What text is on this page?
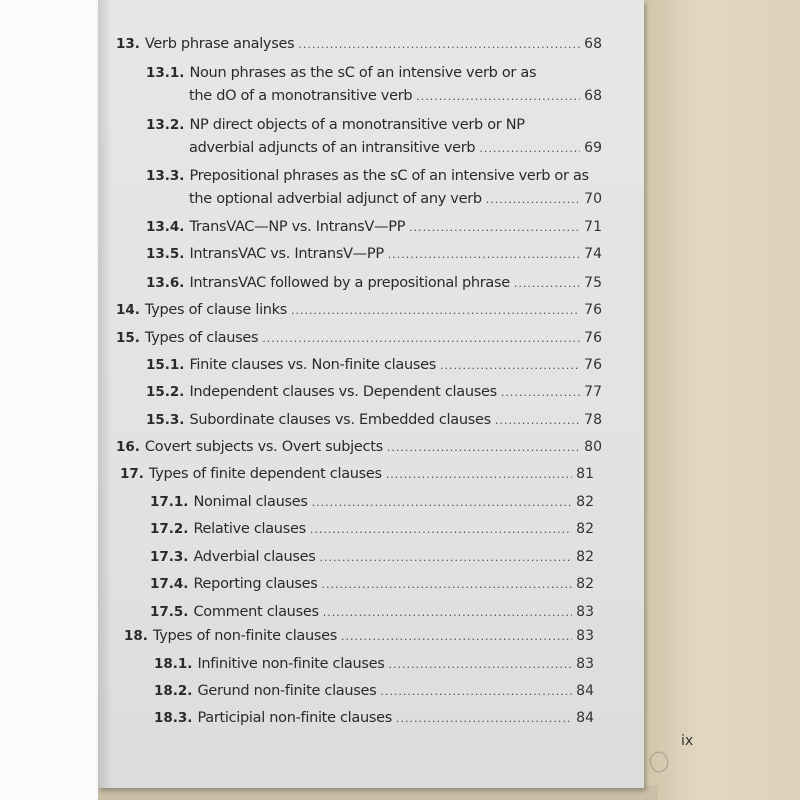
13. Verb phrase analyses .....	68
13.1. Noun phrases as the sC of an intensive verb or as
the dO of a monotransitive verb .....	68
13.2. NP direct objects of a monotransitive verb or NP
adverbial adjuncts of an intransitive verb .....	69
13.3. Prepositional phrases as the sC of an intensive verb or as
the optional adverbial adjunct of any verb .....	70
13.4. TransVAC—NP vs. IntransV—PP .....	71
13.5. IntransVAC vs. IntransV—PP .....	74
13.6. IntransVAC followed by a prepositional phrase .....	75
14. Types of clause links .....	76
15. Types of clauses .....	76
15.1. Finite clauses vs. Non-finite clauses .....	76
15.2. Independent clauses vs. Dependent clauses .....	77
15.3. Subordinate clauses vs. Embedded clauses .....	78
16. Covert subjects vs. Overt subjects .....	80
17. Types of finite dependent clauses .....	81
17.1. Nonimal clauses .....	82
17.2. Relative clauses .....	82
17.3. Adverbial clauses .....	82
17.4. Reporting clauses .....	82
17.5. Comment clauses .....	83
18. Types of non-finite clauses .....	83
18.1. Infinitive non-finite clauses .....	83
18.2. Gerund non-finite clauses .....	84
18.3. Participial non-finite clauses .....	84
ix
